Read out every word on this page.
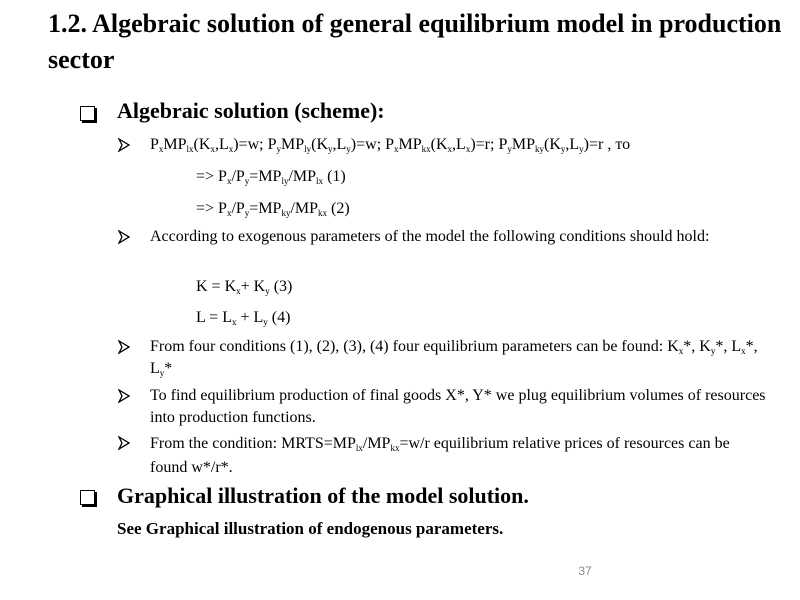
1.2. Algebraic solution of general equilibrium model in production sector
Algebraic solution (scheme):
$P_xMP_{lx}(K_x,L_x)=w$; $P_yMP_{ly}(K_y,L_y)=w$; $P_xMP_{kx}(K_x,L_x)=r$; $P_yMP_{ky}(K_y,L_y)=r$ , то
=> $P_x/P_y=MP_{ly}/MP_{lx}$ (1)
=> $P_x/P_y=MP_{ky}/MP_{kx}$ (2)
According to exogenous parameters of the model the following conditions should hold:
$K = K_x+ K_y$ (3)
$L = L_x + L_y$ (4)
From four conditions (1), (2), (3), (4) four equilibrium parameters can be found: $K_x*$, $K_y*$, $L_x*$, $L_y*$
To find equilibrium production of final goods X*, Y* we plug equilibrium volumes of resources into production functions.
From the condition: $MRTS=MP_{lx}/MP_{kx}=w/r$ equilibrium relative prices of resources can be found w*/r*.
Graphical illustration of the model solution.
See Graphical illustration of endogenous parameters.
37
